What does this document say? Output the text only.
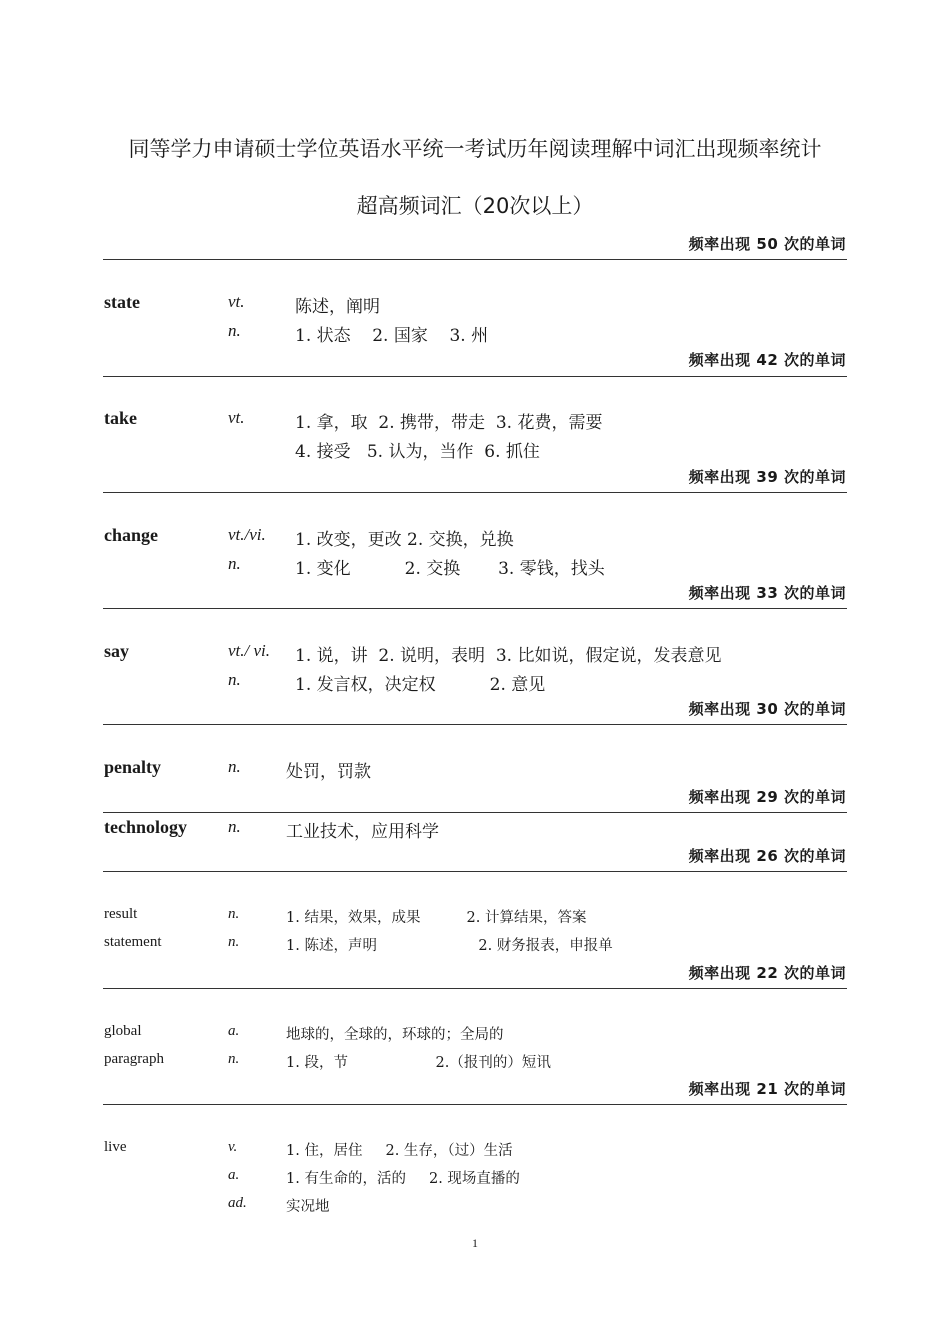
同等学力申请硕士学位英语水平统一考试历年阅读理解中词汇出现频率统计
超高频词汇（20次以上）
频率出现 50 次的单词
state	vt.	陈述，阐明
n.	1. 状态    2. 国家    3. 州
频率出现 42 次的单词
take	vt.	1. 拿，取  2. 携带，带走  3. 花费，需要
4. 接受   5. 认为，当作  6. 抓住
频率出现 39 次的单词
change	vt./vi. 1. 改变，更改 2. 交换，兑换
n.	1. 变化          2. 交换       3. 零钱，找头
频率出现 33 次的单词
say	vt./ vi. 1. 说，讲  2. 说明，表明  3. 比如说，假定说，发表意见
n.	1. 发言权，决定权          2. 意见
频率出现 30 次的单词
penalty	n.	处罚，罚款
频率出现 29 次的单词
technology n.	工业技术，应用科学
频率出现 26 次的单词
result	n.	1. 结果，效果，成果          2. 计算结果，答案
statement	n.	1. 陈述，声明                      2. 财务报表，申报单
频率出现 22 次的单词
global	a.	地球的，全球的，环球的；全局的
paragraph	n.	1. 段，节                   2.（报刊的）短讯
频率出现 21 次的单词
live	v.	1. 住，居住     2. 生存，（过）生活
a.	1. 有生命的，活的     2. 现场直播的
ad.	实况地
1
